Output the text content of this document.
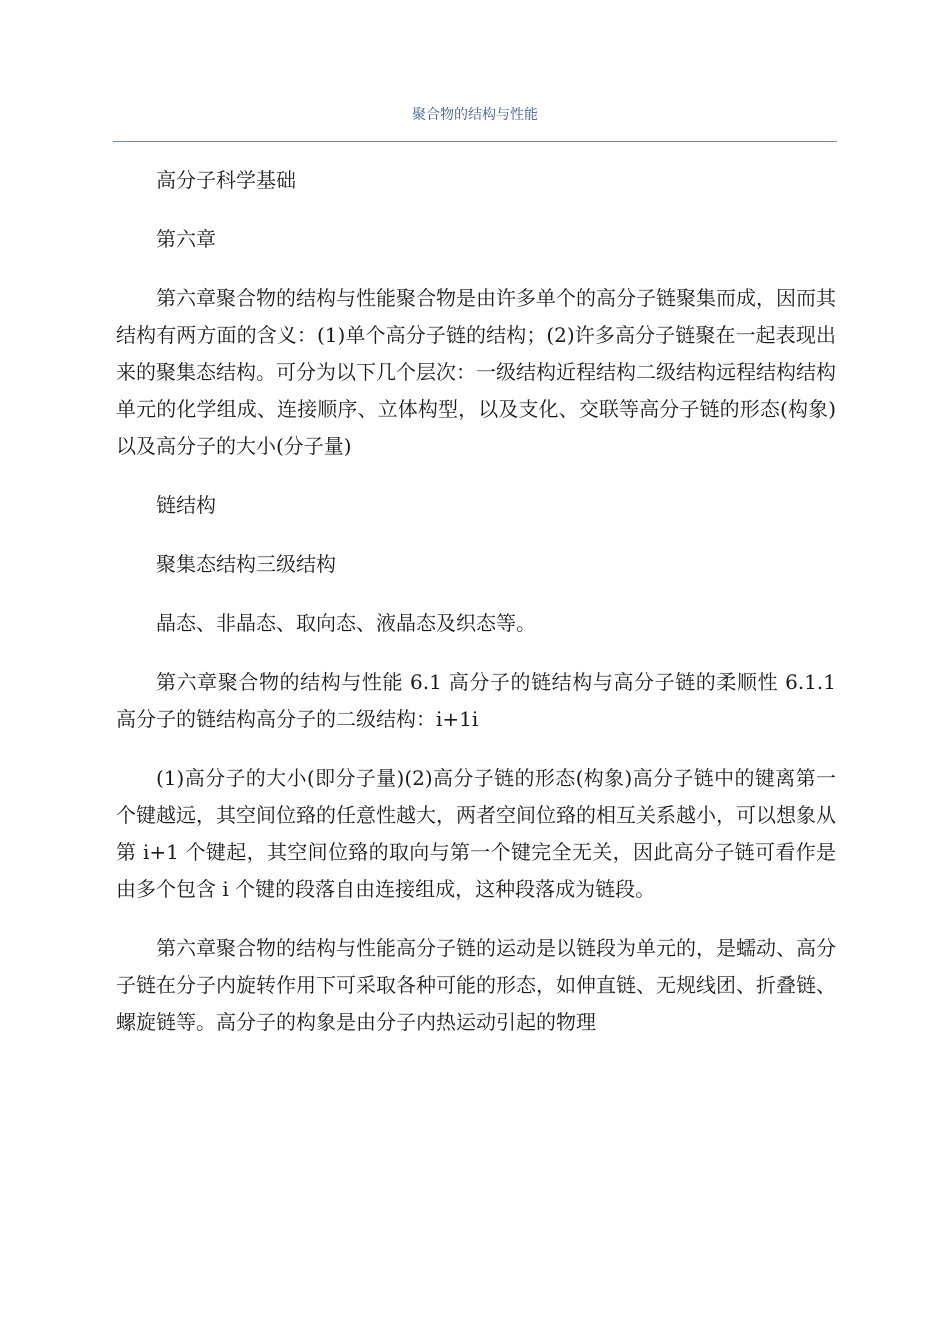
聚合物的结构与性能

高分子科学基础

第六章

第六章聚合物的结构与性能聚合物是由许多单个的高分子链聚集而成，因而其结构有两方面的含义：(1)单个高分子链的结构；(2)许多高分子链聚在一起表现出来的聚集态结构。可分为以下几个层次：一级结构近程结构二级结构远程结构结构单元的化学组成、连接顺序、立体构型，以及支化、交联等高分子链的形态(构象)以及高分子的大小(分子量)

链结构

聚集态结构三级结构

晶态、非晶态、取向态、液晶态及织态等。

第六章聚合物的结构与性能 6.1 高分子的链结构与高分子链的柔顺性 6.1.1 高分子的链结构高分子的二级结构：i+1i

(1)高分子的大小(即分子量)(2)高分子链的形态(构象)高分子链中的键离第一个键越远，其空间位臵的任意性越大，两者空间位臵的相互关系越小，可以想象从第 i+1 个键起，其空间位臵的取向与第一个键完全无关，因此高分子链可看作是由多个包含 i 个键的段落自由连接组成，这种段落成为链段。

第六章聚合物的结构与性能高分子链的运动是以链段为单元的，是蠕动、高分子链在分子内旋转作用下可采取各种可能的形态，如伸直链、无规线团、折叠链、螺旋链等。高分子的构象是由分子内热运动引起的物理
